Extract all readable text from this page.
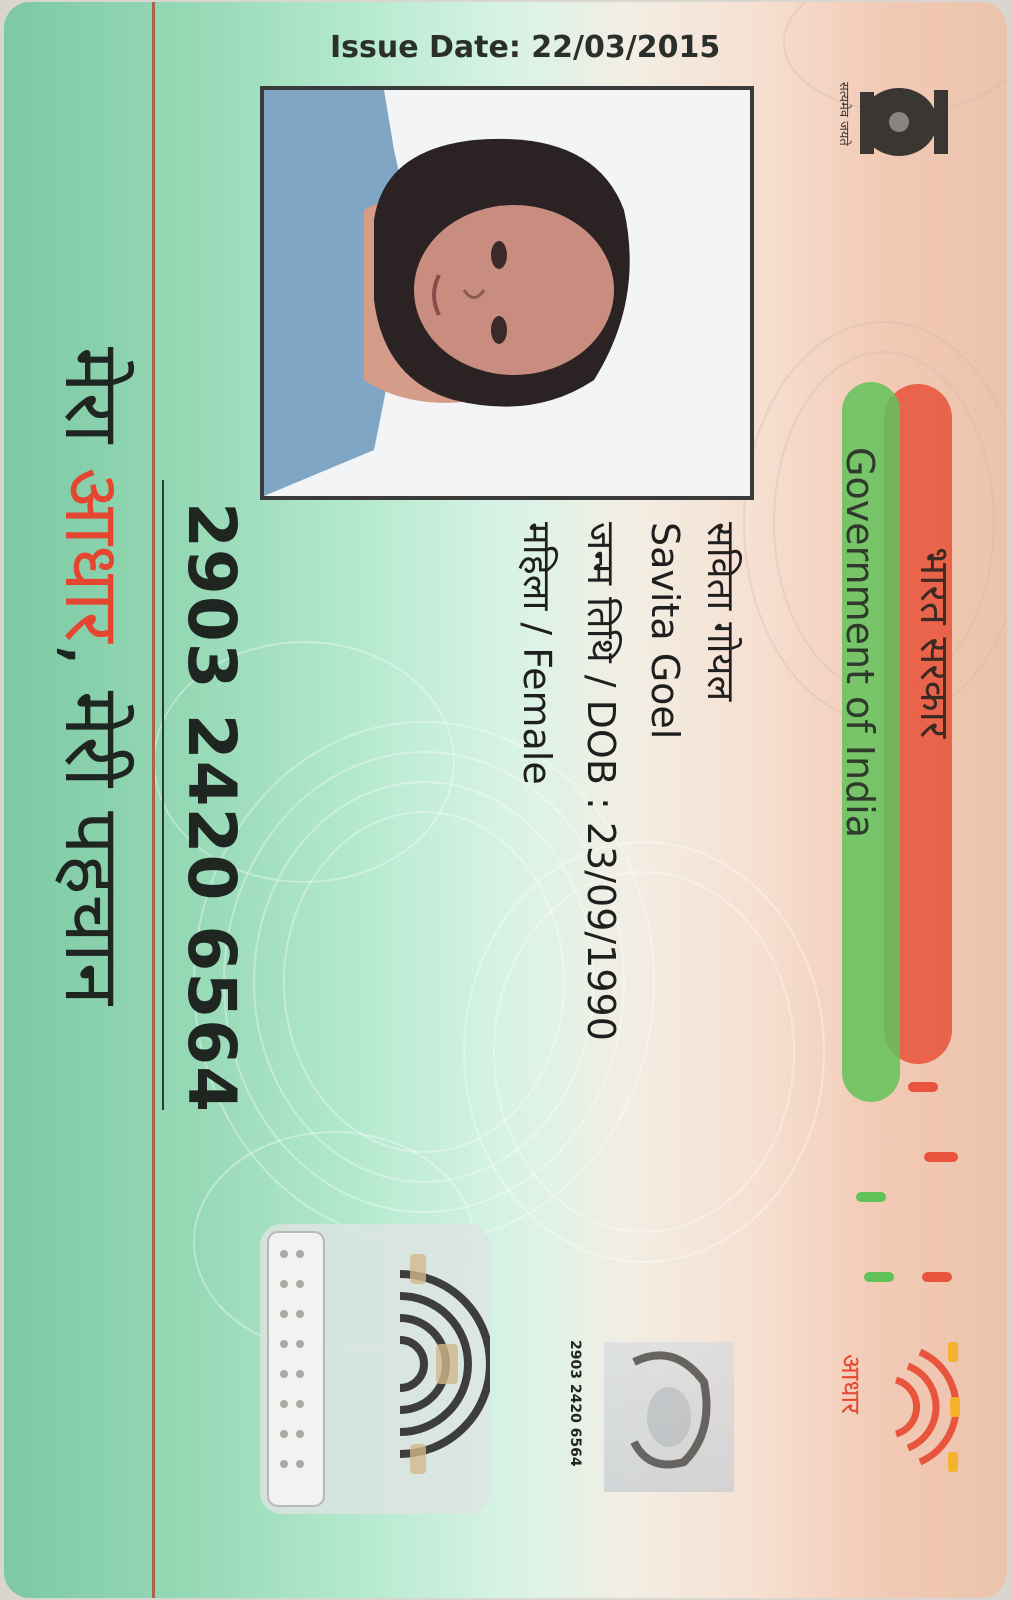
Issue Date: 22/03/2015
सत्यमेव जयते
भारत सरकार
Government of India
सविता गोयल
Savita Goel
जन्म तिथि / DOB : 23/09/1990
महिला / Female
2903 2420 6564
मेरा आधार, मेरी पहचान
2903 2420 6564	आधार
